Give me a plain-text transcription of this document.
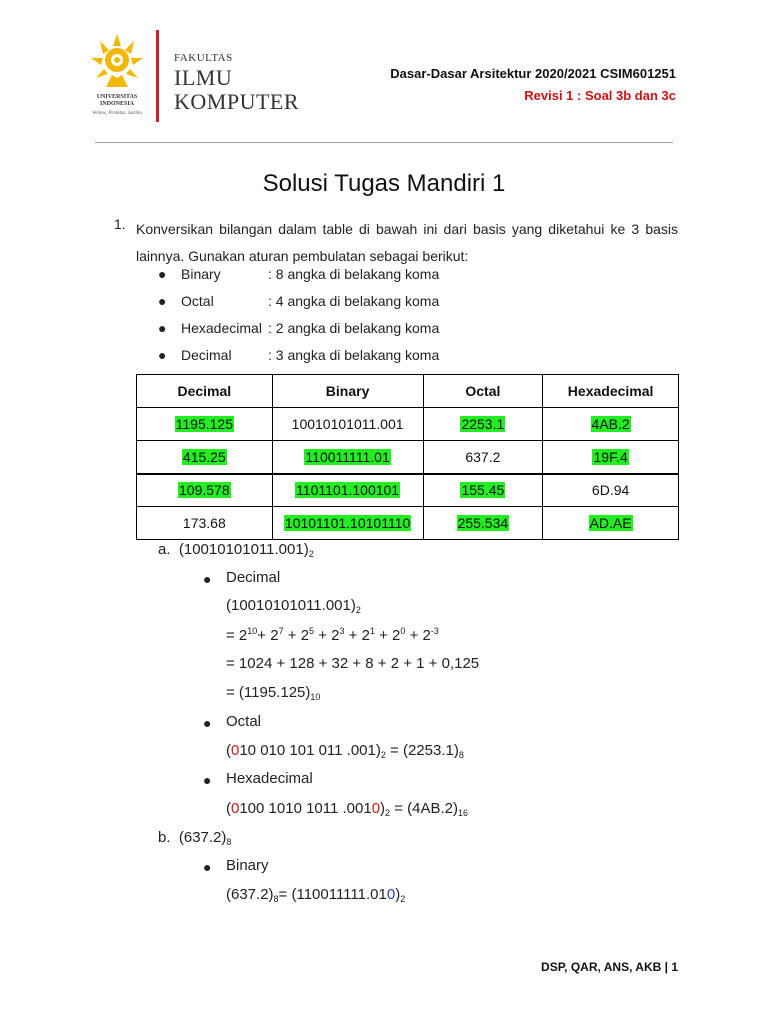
UNIVERSITAS
INDONESIA
Veritas, Probitas, Iustitia
FAKULTAS
ILMU
KOMPUTER
Dasar-Dasar Arsitektur 2020/2021 CSIM601251
Revisi 1 : Soal 3b dan 3c
Solusi Tugas Mandiri 1
1. Konversikan bilangan dalam table di bawah ini dari basis yang diketahui ke 3 basis lainnya. Gunakan aturan pembulatan sebagai berikut:
● Binary	: 8 angka di belakang koma
● Octal	: 4 angka di belakang koma
● Hexadecimal : 2 angka di belakang koma
● Decimal	: 3 angka di belakang koma
Decimal	Binary	Octal	Hexadecimal
1195.125	10010101011.001	2253.1	4AB.2
415.25	110011111.01	637.2	19F.4
109.578	1101101.100101	155.45	6D.94
173.68	10101101.10101110	255.534	AD.AE
a. $(10010101011.001)_2$
● Decimal
$(10010101011.001)_2$
= $2^{10}+ 2^7 + 2^5 + 2^3 + 2^1 + 2^0 + 2^{-3}$
= 1024 + 128 + 32 + 8 + 2 + 1 + 0,125
= $(1195.125)_{10}$
● Octal
(010 010 101 011 $.001)_2 = (2253.1)_8$
● Hexadecimal
(0100 1010 1011 $.0010)_2 = (4AB.2)_{16}$
b. $(637.2)_8$
● Binary
$(637.2)_8= (110011111.010)_2$
DSP, QAR, ANS, AKB | 1
